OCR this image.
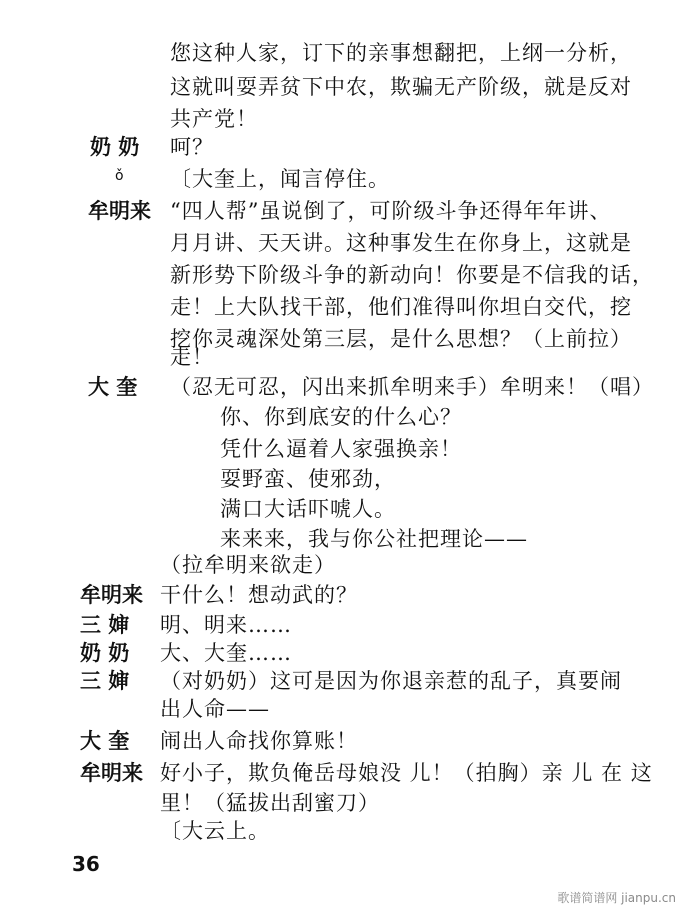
您这种人家，订下的亲事想翻把，上纲一分析，
这就叫耍弄贫下中农，欺骗无产阶级，就是反对
共产党！
奶 奶 呵？
ǒ 〔大奎上，闻言停住。
牟明来 “四人帮”虽说倒了，可阶级斗争还得年年讲、
月月讲、天天讲。这种事发生在你身上，这就是
新形势下阶级斗争的新动向！你要是不信我的话，
走！上大队找干部，他们准得叫你坦白交代，挖
挖你灵魂深处第三层，是什么思想？（上前拉）
走！
大 奎 （忍无可忍，闪出来抓牟明来手）牟明来！（唱）
你、你到底安的什么心？
凭什么逼着人家强换亲！
耍野蛮、使邪劲，
满口大话吓唬人。
来来来，我与你公社把理论——
（拉牟明来欲走）
牟明来 干什么！想动武的？
三 婶 明、明来……
奶 奶 大、大奎……
三 婶 （对奶奶）这可是因为你退亲惹的乱子，真要闹
出人命——
大 奎 闹出人命找你算账！
牟明来 好小子，欺负俺岳母娘没 儿！（拍胸）亲 儿 在 这
里！（猛拔出刮蜜刀）
〔大云上。
36
歌谱简谱网 jianpu.cn
